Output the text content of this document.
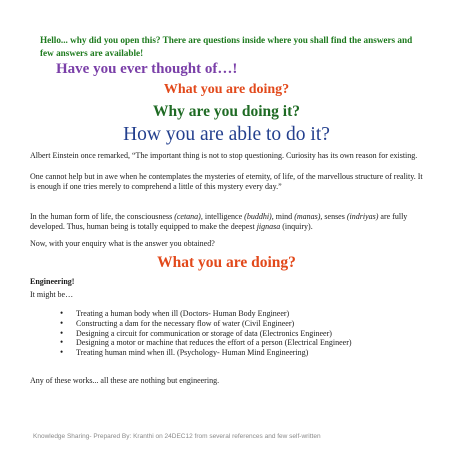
Hello... why did you open this? There are questions inside where you shall find the answers and few answers are available!
Have you ever thought of…!
What you are doing?
Why are you doing it?
How you are able to do it?
Albert Einstein once remarked, “The important thing is not to stop questioning. Curiosity has its own reason for existing.
One cannot help but in awe when he contemplates the mysteries of eternity, of life, of the marvellous structure of reality. It is enough if one tries merely to comprehend a little of this mystery every day.”
In the human form of life, the consciousness (cetana), intelligence (buddhi), mind (manas), senses (indriyas) are fully developed. Thus, human being is totally equipped to make the deepest jignasa (inquiry).
Now, with your enquiry what is the answer you obtained?
What you are doing?
Engineering!
It might be…
• Treating a human body when ill (Doctors- Human Body Engineer)
• Constructing a dam for the necessary flow of water (Civil Engineer)
• Designing a circuit for communication or storage of data (Electronics Engineer)
• Designing a motor or machine that reduces the effort of a person (Electrical Engineer)
• Treating human mind when ill. (Psychology- Human Mind Engineering)
Any of these works... all these are nothing but engineering.
Knowledge Sharing- Prepared By: Kranthi on 24DEC12 from several references and few self-written
